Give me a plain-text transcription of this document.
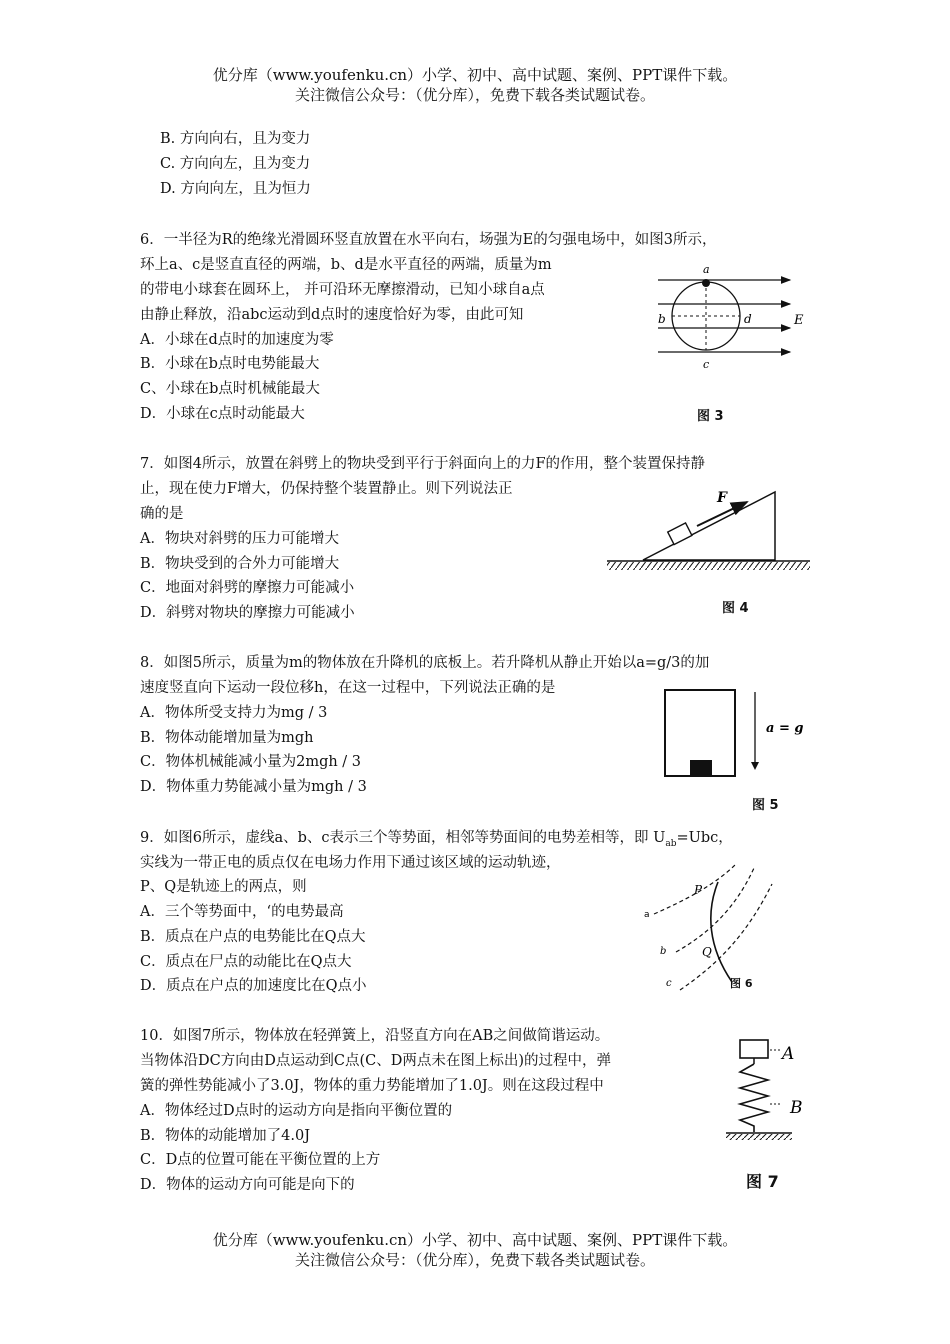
优分库（www.youfenku.cn）小学、初中、高中试题、案例、PPT课件下载。
关注微信公众号：（优分库），免费下载各类试题试卷。
B. 方向向右，且为变力
C. 方向向左，且为变力
D. 方向向左，且为恒力
6．一半径为R的绝缘光滑圆环竖直放置在水平向右，场强为E的匀强电场中，如图3所示，
环上a、c是竖直直径的两端，b、d是水平直径的两端，质量为m
的带电小球套在圆环上， 并可沿环无摩擦滑动，已知小球自a点
由静止释放，沿abc运动到d点时的速度恰好为零，由此可知
A．小球在d点时的加速度为零
B．小球在b点时电势能最大
C、小球在b点时机械能最大
D．小球在c点时动能最大
a
b	d
c
E
图 3
7．如图4所示，放置在斜劈上的物块受到平行于斜面向上的力F的作用，整个装置保持静
止，现在使力F增大，仍保持整个装置静止。则下列说法正
确的是
A．物块对斜劈的压力可能增大
B．物块受到的合外力可能增大
C．地面对斜劈的摩擦力可能减小
D．斜劈对物块的摩擦力可能减小
F
图 4
8．如图5所示，质量为m的物体放在升降机的底板上。若升降机从静止开始以a=g/3的加
速度竖直向下运动一段位移h，在这一过程中，下列说法正确的是
A．物体所受支持力为mg / 3
B．物体动能增加量为mgh
C．物体机械能减小量为2mgh / 3
D．物体重力势能减小量为mgh / 3
a = g
图 5
9．如图6所示，虚线a、b、c表示三个等势面，相邻等势面间的电势差相等，即 $U_{ab}=Ubc$，
实线为一带正电的质点仅在电场力作用下通过该区域的运动轨迹，
P、Q是轨迹上的两点，则
A．三个等势面中，‘的电势最高
B．质点在户点的电势能比在Q点大
C．质点在尸点的动能比在Q点大
D．质点在户点的加速度比在Q点小
a
b
c
P
Q
图 6
10．如图7所示，物体放在轻弹簧上，沿竖直方向在AB之间做简谐运动。
当物体沿DC方向由D点运动到C点(C、D两点未在图上标出)的过程中，弹
簧的弹性势能减小了3.0J，物体的重力势能增加了1.0J。则在这段过程中
A．物体经过D点时的运动方向是指向平衡位置的
B．物体的动能增加了4.0J
C．D点的位置可能在平衡位置的上方
D．物体的运动方向可能是向下的
A
B
图 7
优分库（www.youfenku.cn）小学、初中、高中试题、案例、PPT课件下载。
关注微信公众号：（优分库），免费下载各类试题试卷。
